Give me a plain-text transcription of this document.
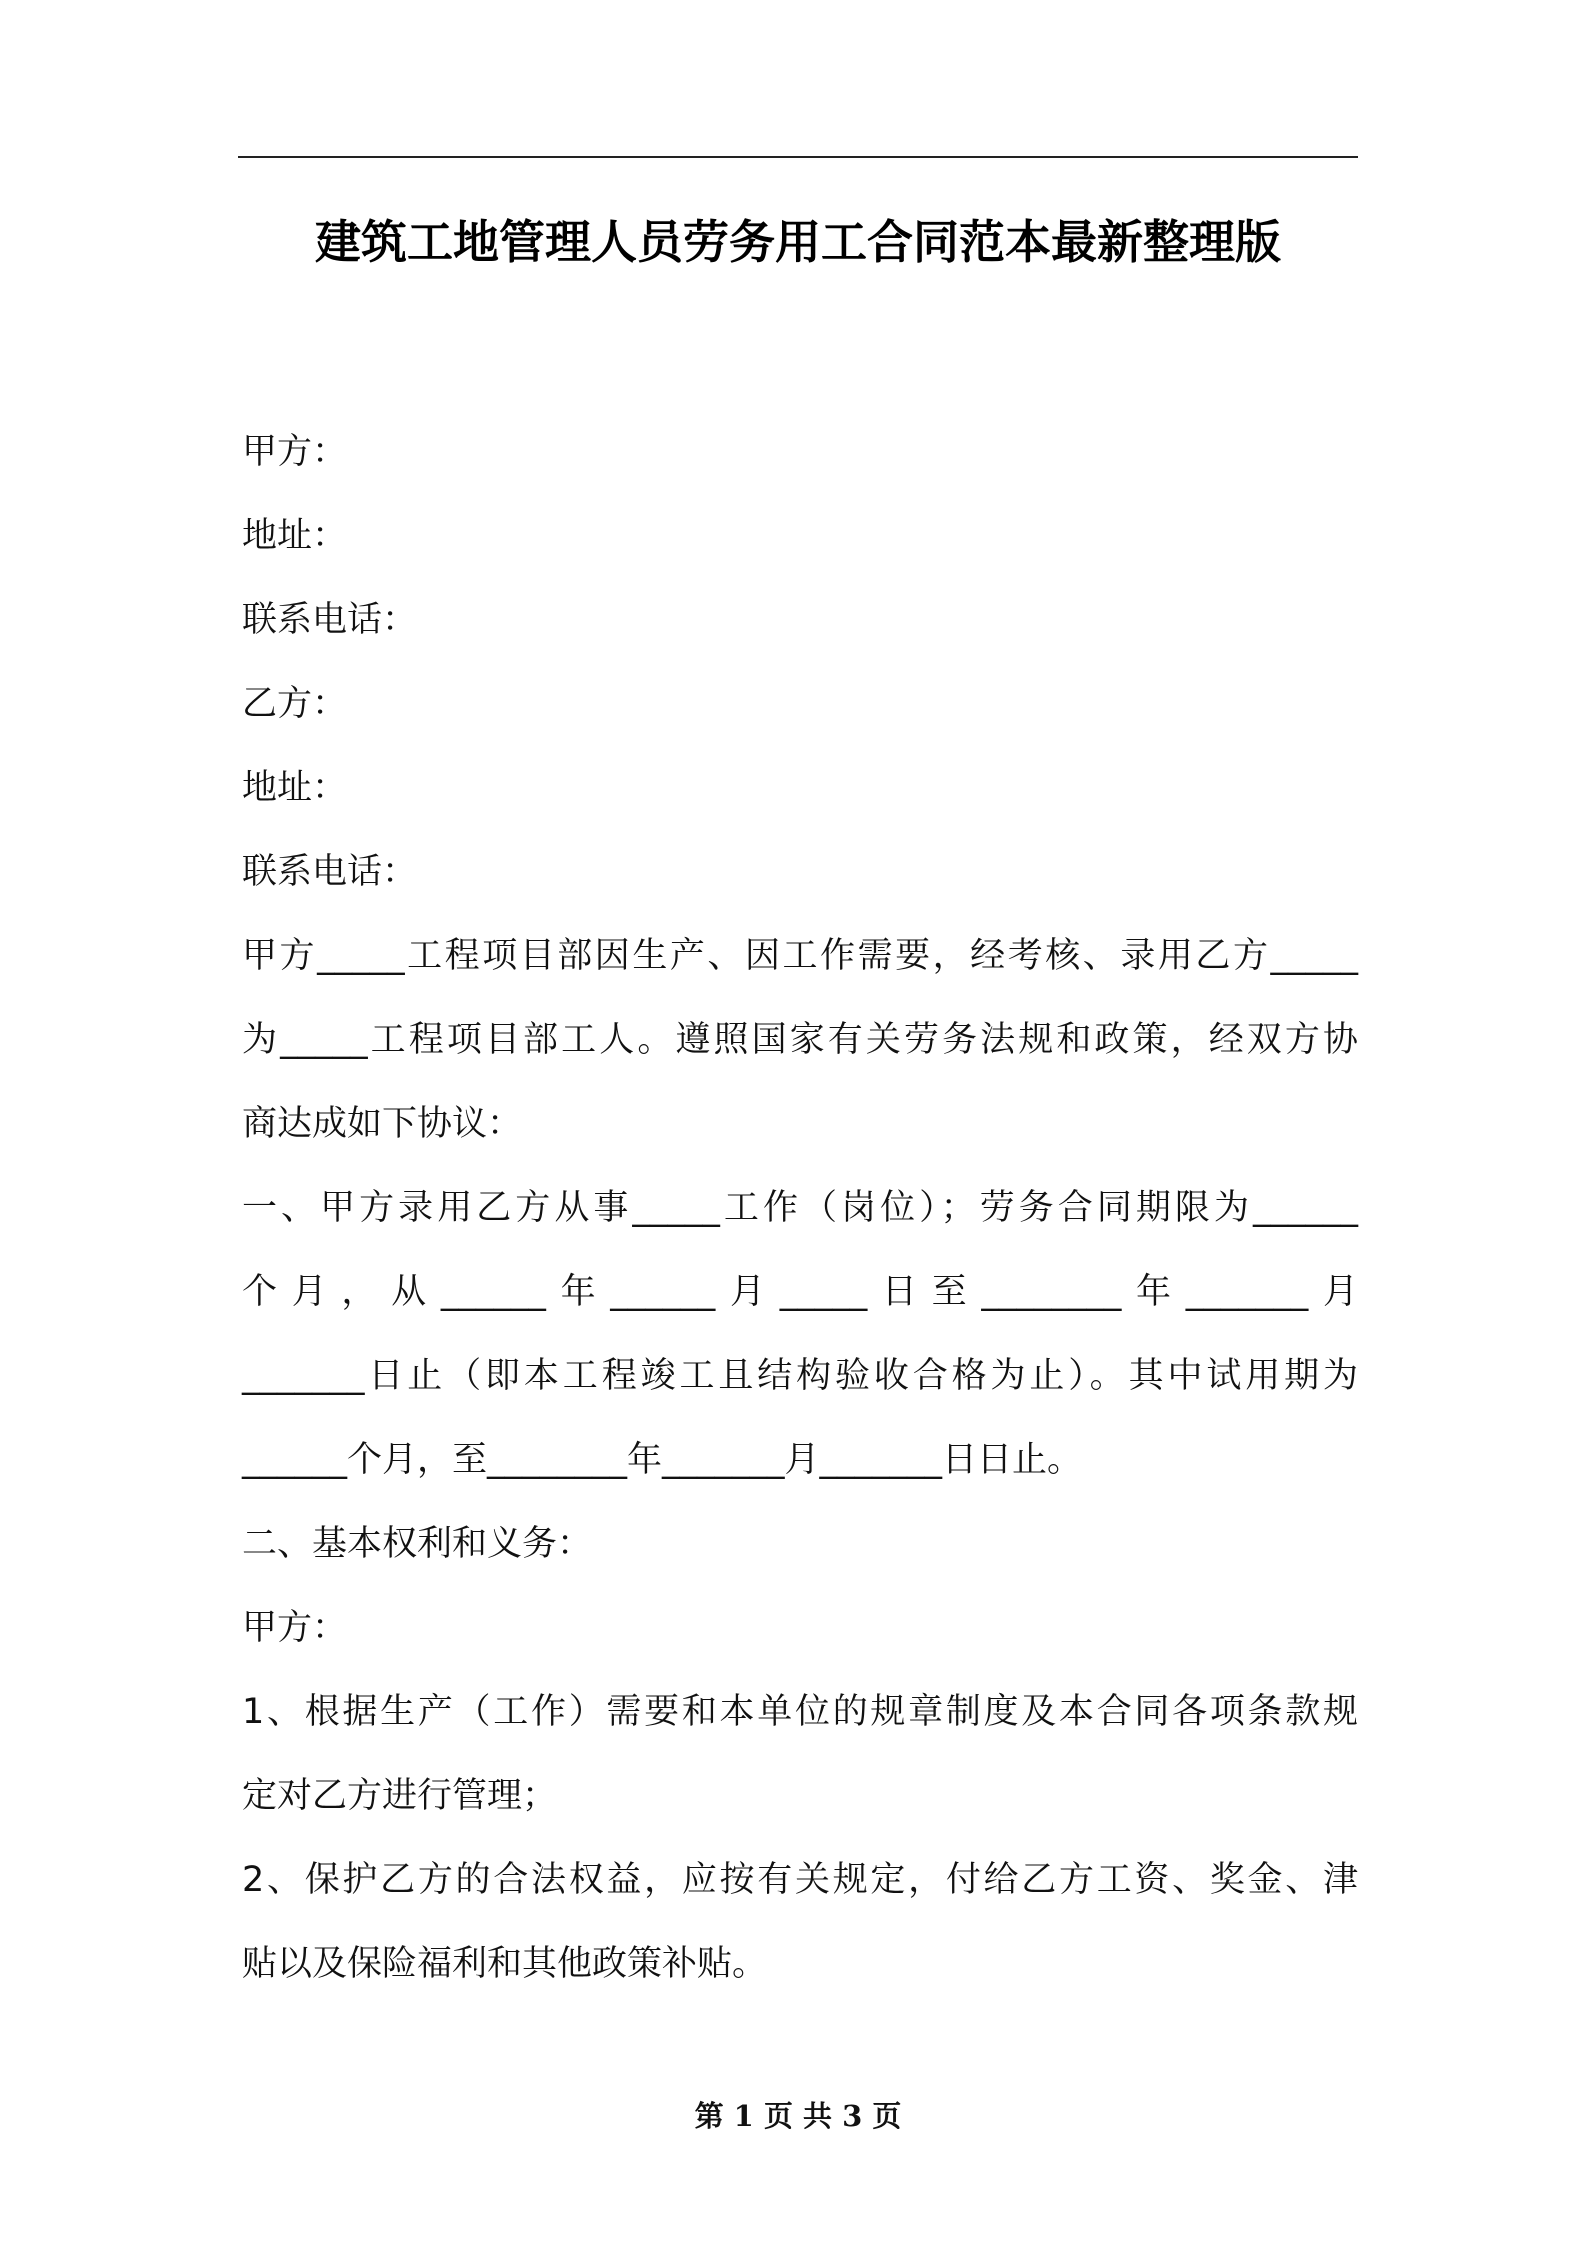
建筑工地管理人员劳务用工合同范本最新整理版
甲方：
地址：
联系电话：
乙方：
地址：
联系电话：
甲方_____工程项目部因生产、因工作需要，经考核、录用乙方_____
为_____工程项目部工人。遵照国家有关劳务法规和政策，经双方协
商达成如下协议：
一、甲方录用乙方从事_____工作（岗位）；劳务合同期限为______
个月，从______年______月_____日至________年_______月
_______日止（即本工程竣工且结构验收合格为止）。其中试用期为
______个月，至________年_______月_______日日止。
二、基本权利和义务：
甲方：
1、根据生产（工作）需要和本单位的规章制度及本合同各项条款规
定对乙方进行管理；
2、保护乙方的合法权益，应按有关规定，付给乙方工资、奖金、津
贴以及保险福利和其他政策补贴。
第 1 页 共 3 页
